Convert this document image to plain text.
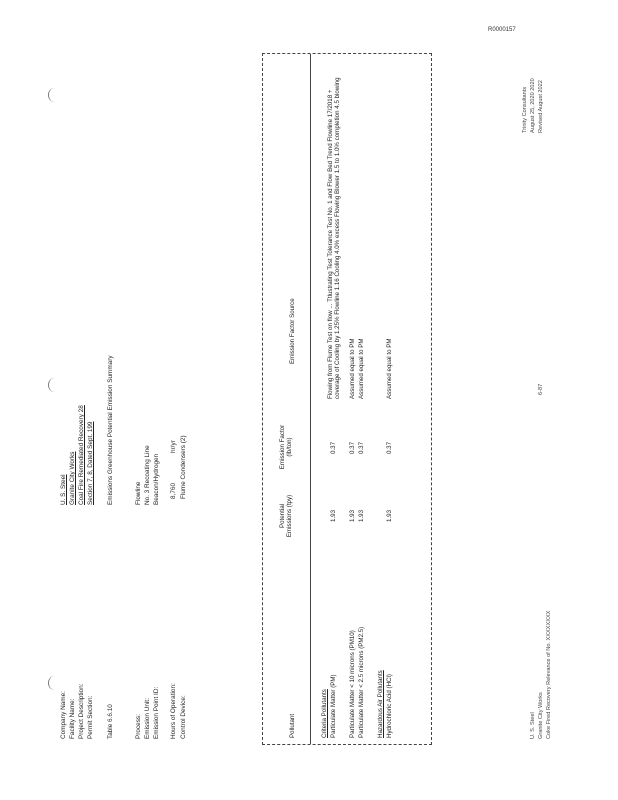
R0000157
Company Name:
U. S. Steel
Facility Name:
Granite City Works
Project Description:
Coal Fire Remediated Recovery 28
Permit Section:
Section 7, 8, Dated Sept. 199
Table 6.6.10
Emissions Greenhouse Potential Emission Summary
Process:
Flowline
Emission Unit:
No. 3 Recoating Line
Emission Point ID:
Beacon/Hydrogen
Hours of Operation:
8,760
hr/yr
Control Device:
Flume Condensers (2)
Pollutant
Potential Emissions (tpy)
Emission Factor (lb/ton)
Emission Factor Source
Criteria Pollutants Particulate Matter (PM)
1.93
0.37
Flowing from Flume Test on flow ... Ttlustrating Test Tolerance Test No. 1 and Flow Bed Trend Flowline 17/2018 + coverage of Cooling by 1.25% Flowline 1.16 Cooling 4.0% excess Flowing Blower 1.5 to 1.0% completion 4.5 blowing
Particulate Matter < 10 microns (PM10)
1.93
0.37
Assumed equal to PM
Particulate Matter < 2.5 microns (PM2.5)
1.93
0.37
Assumed equal to PM
Hazardous Air Pollutants Hydrochloric Acid (HCl)
1.93
0.37
Assumed equal to PM
U. S. Steel Granite City Works Coke Fired Recovery Relevance of No. XXXXXXXX
6-87
Trinity Consultants August 25, 2020 2020 Revised August 2022
